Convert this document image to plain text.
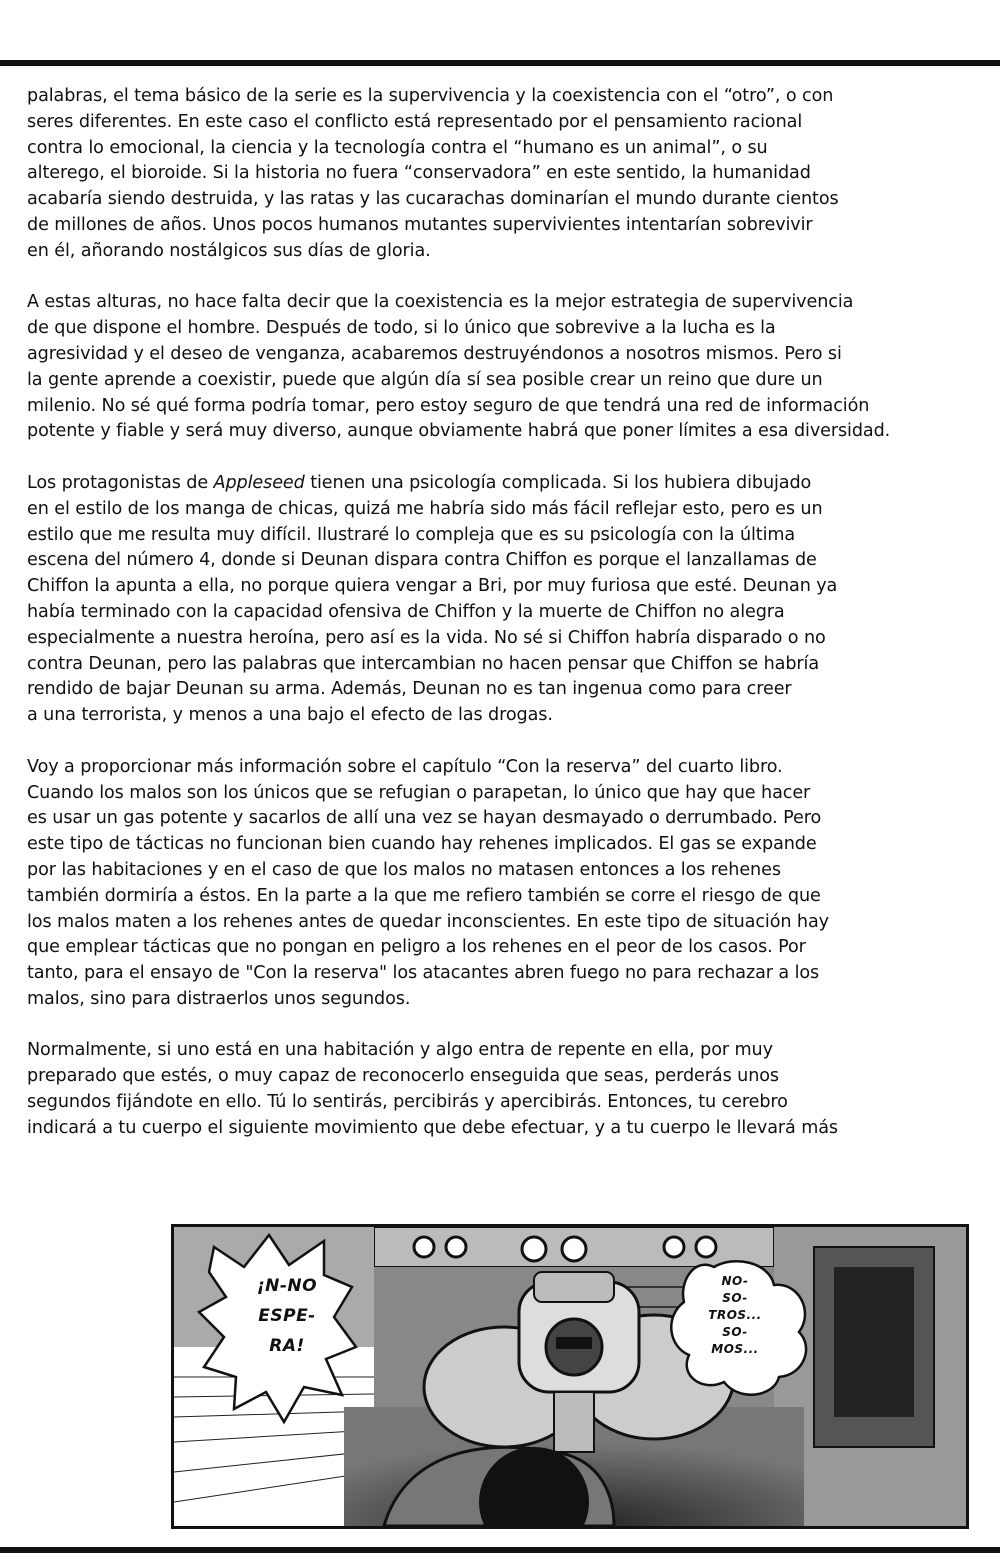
palabras, el tema básico de la serie es la supervivencia y la coexistencia con el “otro”, o con
seres diferentes. En este caso el conflicto está representado por el pensamiento racional
contra lo emocional, la ciencia y la tecnología contra el “humano es un animal”, o su
alterego, el bioroide. Si la historia no fuera “conservadora” en este sentido, la humanidad
acabaría siendo destruida, y las ratas y las cucarachas dominarían el mundo durante cientos
de millones de años. Unos pocos humanos mutantes supervivientes intentarían sobrevivir
en él, añorando nostálgicos sus días de gloria.

A estas alturas, no hace falta decir que la coexistencia es la mejor estrategia de supervivencia
de que dispone el hombre. Después de todo, si lo único que sobrevive a la lucha es la
agresividad y el deseo de venganza, acabaremos destruyéndonos a nosotros mismos. Pero si
la gente aprende a coexistir, puede que algún día sí sea posible crear un reino que dure un
milenio. No sé qué forma podría tomar, pero estoy seguro de que tendrá una red de información
potente y fiable y será muy diverso, aunque obviamente habrá que poner límites a esa diversidad.

Los protagonistas de Appleseed tienen una psicología complicada. Si los hubiera dibujado
en el estilo de los manga de chicas, quizá me habría sido más fácil reflejar esto, pero es un
estilo que me resulta muy difícil. Ilustraré lo compleja que es su psicología con la última
escena del número 4, donde si Deunan dispara contra Chiffon es porque el lanzallamas de
Chiffon la apunta a ella, no porque quiera vengar a Bri, por muy furiosa que esté. Deunan ya
había terminado con la capacidad ofensiva de Chiffon y la muerte de Chiffon no alegra
especialmente a nuestra heroína, pero así es la vida. No sé si Chiffon habría disparado o no
contra Deunan, pero las palabras que intercambian no hacen pensar que Chiffon se habría
rendido de bajar Deunan su arma. Además, Deunan no es tan ingenua como para creer
a una terrorista, y menos a una bajo el efecto de las drogas.

Voy a proporcionar más información sobre el capítulo “Con la reserva” del cuarto libro.
Cuando los malos son los únicos que se refugian o parapetan, lo único que hay que hacer
es usar un gas potente y sacarlos de allí una vez se hayan desmayado o derrumbado. Pero
este tipo de tácticas no funcionan bien cuando hay rehenes implicados. El gas se expande
por las habitaciones y en el caso de que los malos no matasen entonces a los rehenes
también dormiría a éstos. En la parte a la que me refiero también se corre el riesgo de que
los malos maten a los rehenes antes de quedar inconscientes. En este tipo de situación hay
que emplear tácticas que no pongan en peligro a los rehenes en el peor de los casos. Por
tanto, para el ensayo de "Con la reserva" los atacantes abren fuego no para rechazar a los
malos, sino para distraerlos unos segundos.

Normalmente, si uno está en una habitación y algo entra de repente en ella, por muy
preparado que estés, o muy capaz de reconocerlo enseguida que seas, perderás unos
segundos fijándote en ello. Tú lo sentirás, percibirás y apercibirás. Entonces, tu cerebro
indicará a tu cuerpo el siguiente movimiento que debe efectuar, y a tu cuerpo le llevará más

¡N-NO
ESPE-
RA!
NO-
SO-
TROS...
SO-
MOS...
